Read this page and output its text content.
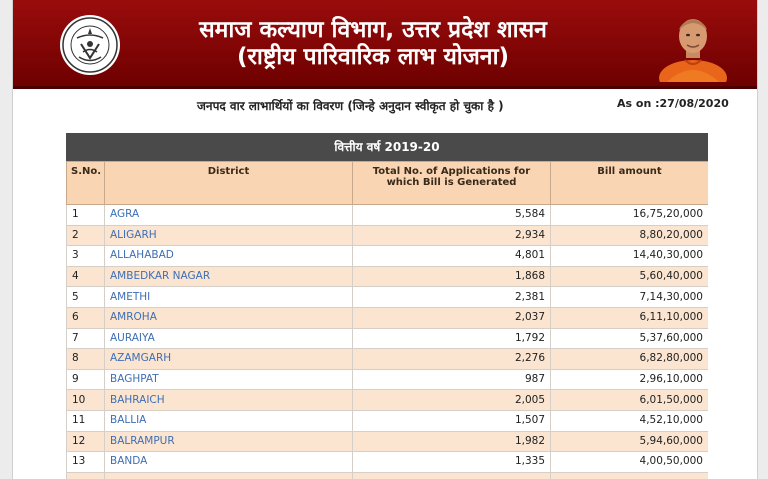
समाज कल्याण विभाग, उत्तर प्रदेश शासन
(राष्ट्रीय पारिवारिक लाभ योजना)
जनपद वार लाभार्थियों का विवरण (जिन्हे अनुदान स्वीकृत हो चुका है )	As on :27/08/2020
वित्तीय वर्ष 2019-20
S.No.	District	Total No. of Applications for which Bill is Generated	Bill amount
1	AGRA	5,584	16,75,20,000
2	ALIGARH	2,934	8,80,20,000
3	ALLAHABAD	4,801	14,40,30,000
4	AMBEDKAR NAGAR	1,868	5,60,40,000
5	AMETHI	2,381	7,14,30,000
6	AMROHA	2,037	6,11,10,000
7	AURAIYA	1,792	5,37,60,000
8	AZAMGARH	2,276	6,82,80,000
9	BAGHPAT	987	2,96,10,000
10	BAHRAICH	2,005	6,01,50,000
11	BALLIA	1,507	4,52,10,000
12	BALRAMPUR	1,982	5,94,60,000
13	BANDA	1,335	4,00,50,000
